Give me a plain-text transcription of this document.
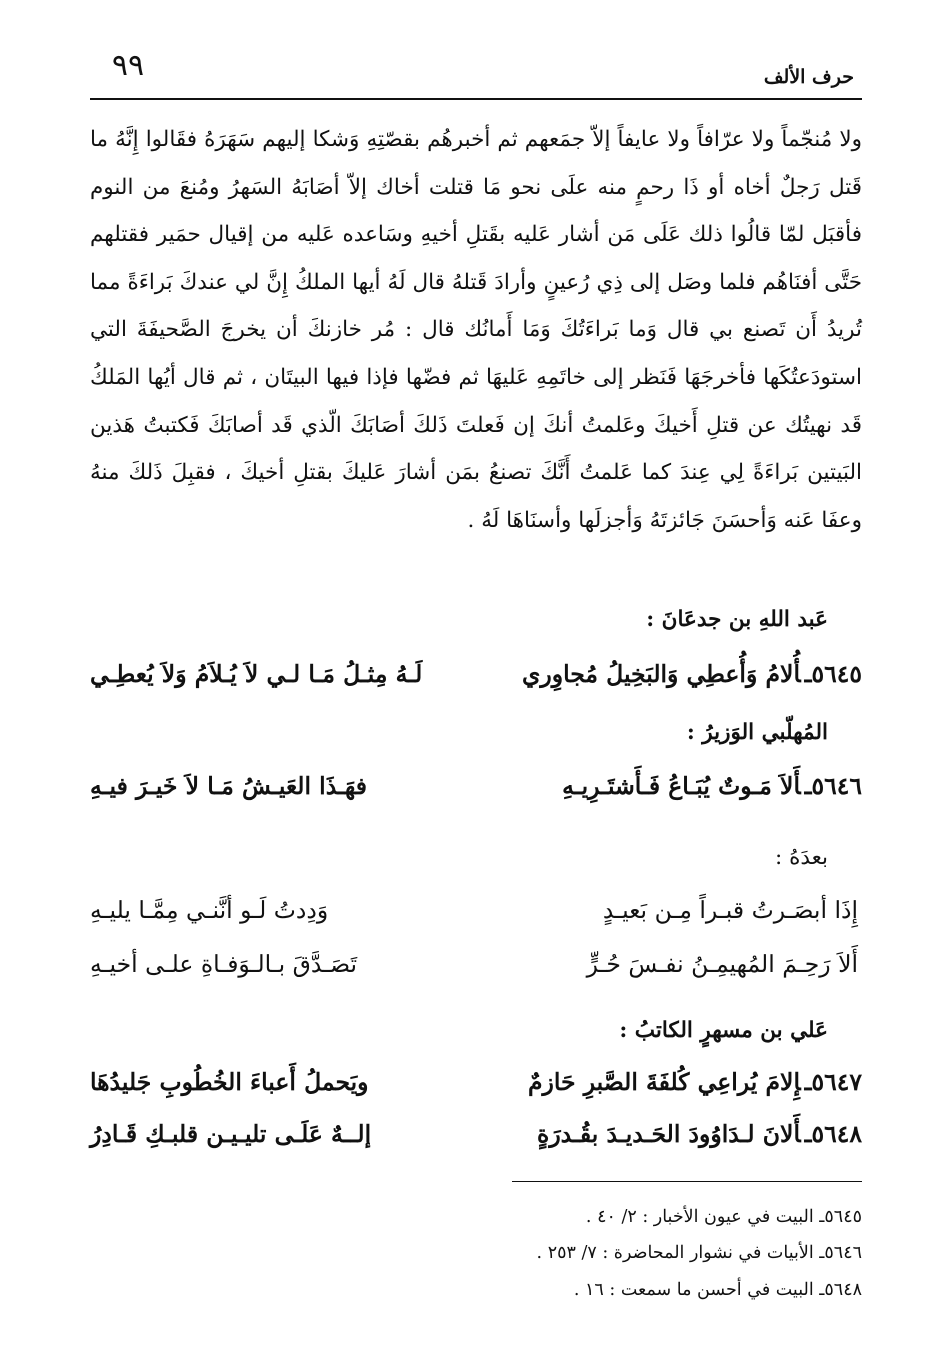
٩٩	حرف الألف

ولا مُنجّماً ولا عرّافاً ولا عايفاً إلاّ جمَعهم ثم أخبرهُم بقصّتِهِ وَشكا إليهم سَهَرَهُ فقَالوا إِنَّهُ ما قَتل رَجلٌ أخاه أو ذَا رحمٍ منه علَى نحو مَا قتلت أخاك إلاّ أصَابَهُ السَهرُ ومُنعَ من النوم فأقبَل لمّا قالُوا ذلك عَلَى مَن أشار عَليه بقَتلِ أخيهِ وسَاعده عَليه من إقيال حمَير فقتلهم حَتَّى أفنَاهُم فلما وصَل إلى ذِي رُعينٍ وأرادَ قَتلهُ قال لَهُ أيها الملكُ إِنَّ لي عندكَ بَراءَةً مما تُريدُ أَن تَصنع بي قال وَما بَراءَتُكَ وَمَا أَمانُك قال : مُر خازنكَ أن يخرجَ الصَّحيفَةَ التي استودَعتُكَها فأخرجَهَا فَنَظر إلى خاتَمِهِ عَليهَا ثم فضّها فإذا فيها البيتَان ، ثم قال أيُها المَلكُ قَد نهيتُك عن قتلِ أَخيكَ وعَلمتُ أنكَ إن فَعلتَ ذَلكَ أصَابَكَ الّذي قَد أصابَكَ فَكتبتُ هَذين البَيتين بَراءَةً لِي عِندَ كما عَلمتُ أَنَّكَ تصنعُ بمَن أشارَ عَليكَ بقتلِ أخيكَ ، فقبِلَ ذَلكَ منهُ وعفَا عَنه وَأحسَنَ جَائزتَهُ وَأجزلَها وأسنَاهَا لَهُ .

عَبد اللهِ بن جدعَانَ :
٥٦٤٥ـأُلامُ وَأُعطِي وَالبَخِيلُ مُجاوِري
لَـهُ مِثـلُ مَـا لـي لاَ يُـلاَمُ وَلاَ يُعطِـي
المُهلّبي الوَزيرُ :
٥٦٤٦ـأَلاَ مَـوتٌ يُبَـاعُ فَـأَشتَـرِيـهِ
فهَـذَا العَيـشُ مَـا لاَ خَيـرَ فيـهِ
بعدَهُ :
إِذَا أبصَـرتُ قبـراً مِـن بَعيـدٍ
وَدِدتُ لَـو أنَّنـي مِمَّـا يليـهِ
أَلاَ رَحِـمَ المُهيمِـنُ نفـسَ حُـرٍّ
تَصَـدَّقَ بـالـوَفـاةِ علـى أخيـهِ
عَلي بن مسهرٍ الكاتبُ :
٥٦٤٧ـإِلامَ يُراعِي كُلفَةَ الصَّبرِ حَازمٌ
ويَحملُ أَعباءَ الخُطُوبِ جَليدُهَا
٥٦٤٨ـأَلانَ لـدَاوُودَ الحَـديـدَ بقُـدرَةٍ
إلــهٌ عَلَـى تليـيـن قلبـكِ قَـادِرُ
٥٦٤٥ـ البيت في عيون الأخبار : ٢/ ٤٠ .
٥٦٤٦ـ الأبيات في نشوار المحاضرة : ٧/ ٢٥٣ .
٥٦٤٨ـ البيت في أحسن ما سمعت : ١٦ .
